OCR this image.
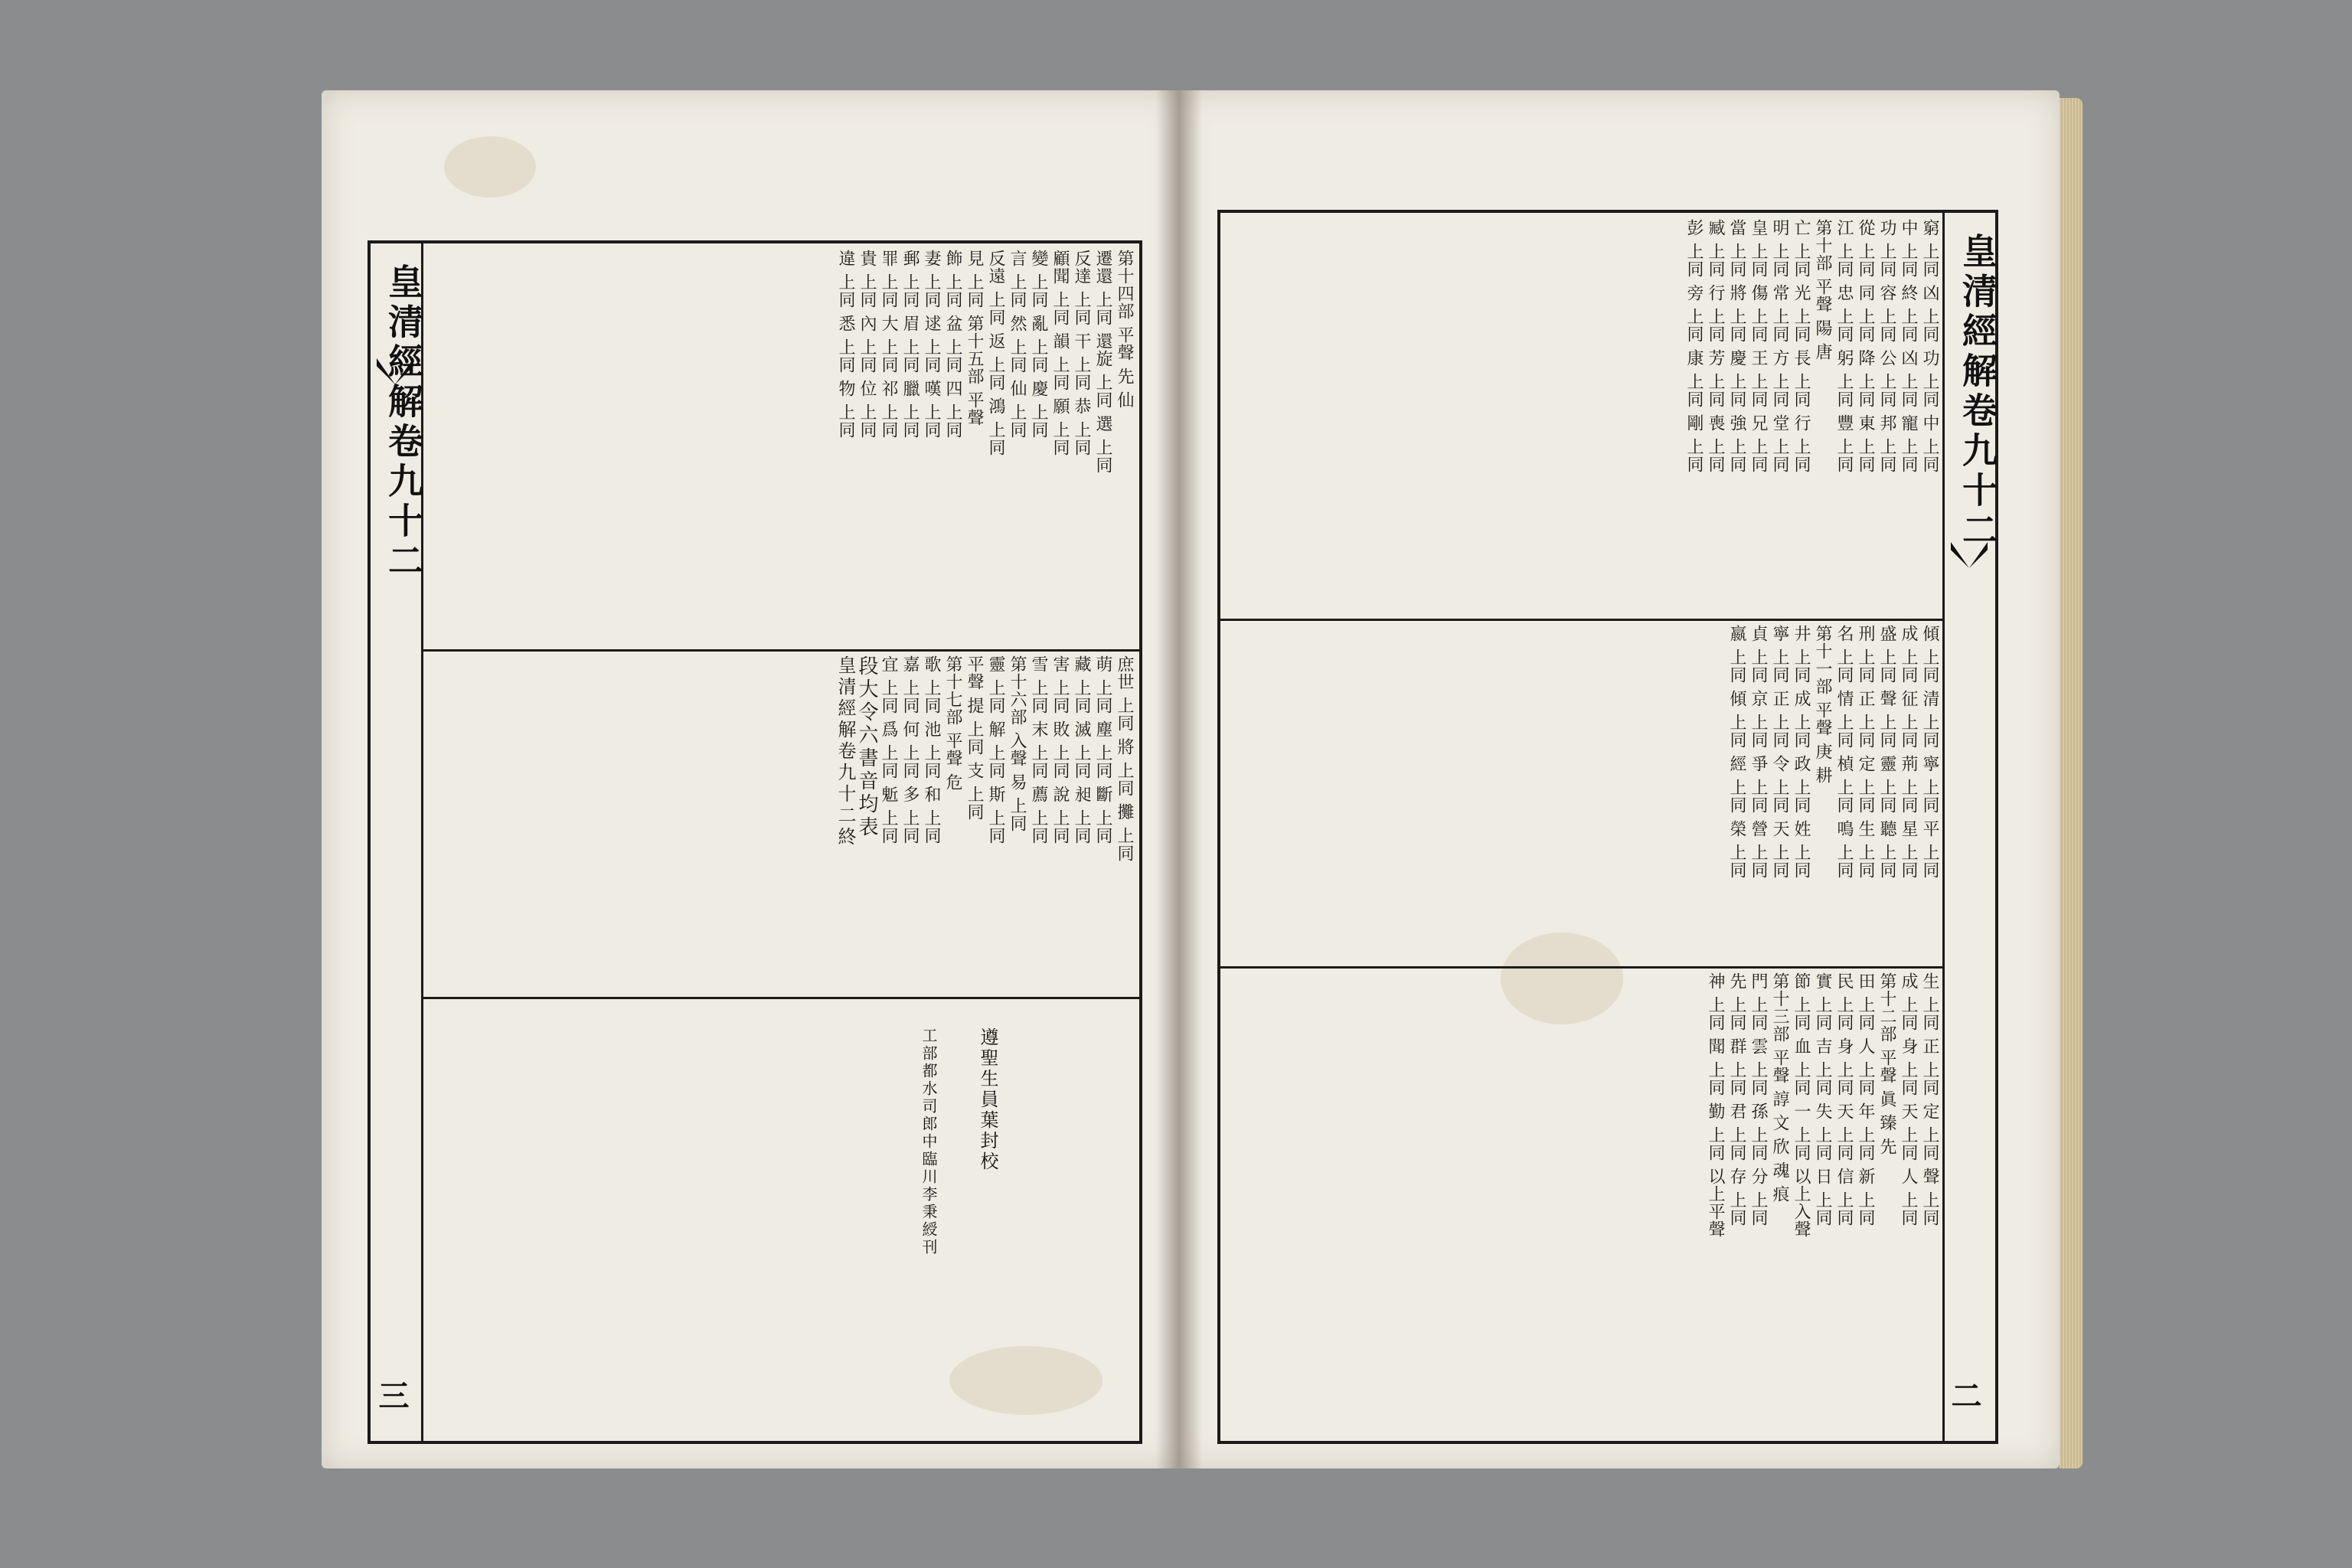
皇清經解卷九十二
三
第十四部 平聲 先 仙
遷還 上同 還旋 上同 選 上同
反達 上同 干 上同 恭 上同
顧聞 上同 韻 上同 願 上同
變 上同 亂 上同 慶 上同
言 上同 然 上同 仙 上同
反遠 上同 返 上同 鴻 上同
見 上同 第十五部 平聲
飾 上同 盆 上同 四 上同
妻 上同 逑 上同 嘆 上同
郵 上同 眉 上同 臘 上同
罪 上同 大 上同 祁 上同
貴 上同 內 上同 位 上同
違 上同 悉 上同 物 上同
庶世 上同 將 上同 攤 上同
萌 上同 塵 上同 斷 上同
藏 上同 滅 上同 昶 上同
害 上同 敗 上同 說 上同
雪 上同 末 上同 薦 上同
第十六部 入聲 易 上同
靈 上同 解 上同 斯 上同
平聲 提 上同 支 上同
第十七部 平聲 危
歌 上同 池 上同 和 上同
嘉 上同 何 上同 多 上同
宜 上同 爲 上同 鬿 上同
段大令六書音均表
皇清經解卷九十二終
遵聖生員葉封校
工部都水司郎中臨川李秉綬刊
皇清經解卷九十二
二
窮 上同 凶 上同 功 上同 中 上同
中 上同 終 上同 凶 上同 寵 上同
功 上同 容 上同 公 上同 邦 上同
從 上同 同 上同 降 上同 東 上同
江 上同 忠 上同 躬 上同 豐 上同
第十部 平聲 陽 唐
亡 上同 光 上同 長 上同 行 上同
明 上同 常 上同 方 上同 堂 上同
皇 上同 傷 上同 王 上同 兄 上同
當 上同 將 上同 慶 上同 強 上同
臧 上同 行 上同 芳 上同 喪 上同
彭 上同 旁 上同 康 上同 剛 上同
傾 上同 清 上同 寧 上同 平 上同
成 上同 征 上同 荊 上同 星 上同
盛 上同 聲 上同 靈 上同 聽 上同
刑 上同 正 上同 定 上同 生 上同
名 上同 情 上同 楨 上同 鳴 上同
第十一部 平聲 庚 耕
井 上同 成 上同 政 上同 姓 上同
寧 上同 正 上同 令 上同 天 上同
貞 上同 京 上同 爭 上同 營 上同
嬴 上同 傾 上同 經 上同 榮 上同
生 上同 正 上同 定 上同 聲 上同
成 上同 身 上同 天 上同 人 上同
第十二部 平聲 眞 臻 先
田 上同 人 上同 年 上同 新 上同
民 上同 身 上同 天 上同 信 上同
實 上同 吉 上同 失 上同 日 上同
節 上同 血 上同 一 上同 以上入聲
第十三部 平聲 諄 文 欣 魂 痕
門 上同 雲 上同 孫 上同 分 上同
先 上同 群 上同 君 上同 存 上同
神 上同 聞 上同 勤 上同 以上平聲
